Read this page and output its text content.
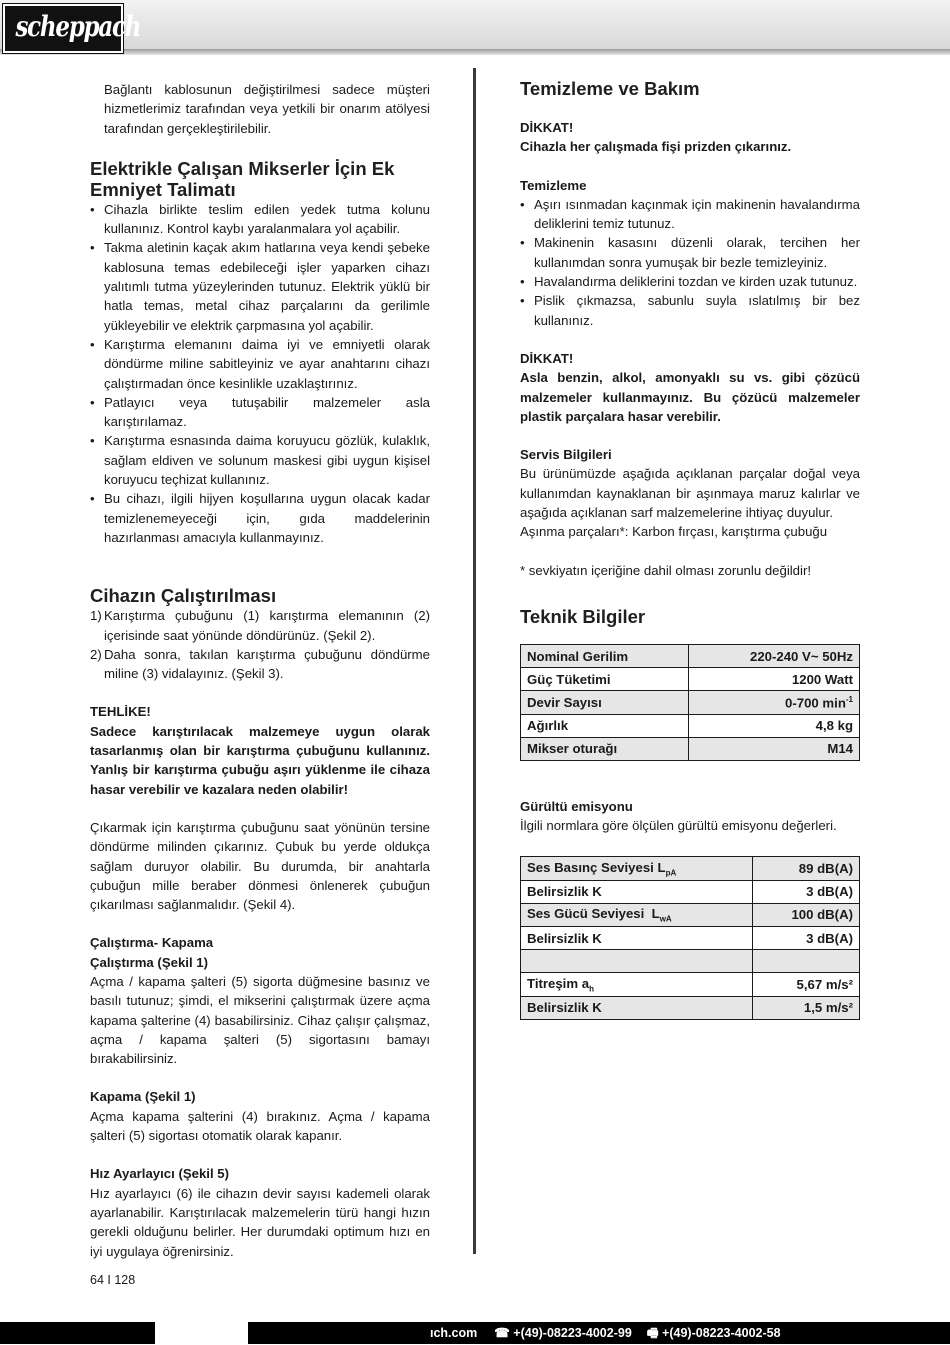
scheppach

Bağlantı kablosunun değiştirilmesi sadece müşteri hizmetlerimiz tarafından veya yetkili bir onarım atölyesi tarafından gerçekleştirilebilir.

Elektrikle Çalışan Mikserler İçin Ek Emniyet Talimatı
• Cihazla birlikte teslim edilen yedek tutma kolunu kullanınız. Kontrol kaybı yaralanmalara yol açabilir.
• Takma aletinin kaçak akım hatlarına veya kendi şebeke kablosuna temas edebileceği işler yaparken cihazı yalıtımlı tutma yüzeylerinden tutunuz. Elektrik yüklü bir hatla temas, metal cihaz parçalarını da gerilimle yükleyebilir ve elektrik çarpmasına yol açabilir.
• Karıştırma elemanını daima iyi ve emniyetli olarak döndürme miline sabitleyiniz ve ayar anahtarını cihazı çalıştırmadan önce kesinlikle uzaklaştırınız.
• Patlayıcı veya tutuşabilir malzemeler asla karıştırılamaz.
• Karıştırma esnasında daima koruyucu gözlük, kulaklık, sağlam eldiven ve solunum maskesi gibi uygun kişisel koruyucu teçhizat kullanınız.
• Bu cihazı, ilgili hijyen koşullarına uygun olacak kadar temizlenemeyeceği için, gıda maddelerinin hazırlanması amacıyla kullanmayınız.
Cihazın Çalıştırılması
1) Karıştırma çubuğunu (1) karıştırma elemanının (2) içerisinde saat yönünde döndürünüz. (Şekil 2).
2) Daha sonra, takılan karıştırma çubuğunu döndürme miline (3) vidalayınız. (Şekil 3).
TEHLİKE!

Sadece karıştırılacak malzemeye uygun olarak tasarlanmış olan bir karıştırma çubuğunu kullanınız. Yanlış bir karıştırma çubuğu aşırı yüklenme ile cihaza hasar verebilir ve kazalara neden olabilir!

Çıkarmak için karıştırma çubuğunu saat yönünün tersine döndürme milinden çıkarınız. Çubuk bu yerde oldukça sağlam duruyor olabilir. Bu durumda, bir anahtarla çubuğun mille beraber dönmesi önlenerek çubuğun çıkarılması sağlanmalıdır. (Şekil 4).

Çalıştırma- Kapama
Çalıştırma (Şekil 1)

Açma / kapama şalteri (5) sigorta düğmesine basınız ve basılı tutunuz; şimdi, el mikserini çalıştırmak üzere açma kapama şalterine (4) basabilirsiniz. Cihaz çalışır çalışmaz, açma / kapama şalteri (5) sigortasını bamayı bırakabilirsiniz.

Kapama (Şekil 1)

Açma kapama şalterini (4) bırakınız. Açma / kapama şalteri (5) sigortası otomatik olarak kapanır.

Hız Ayarlayıcı (Şekil 5)

Hız ayarlayıcı (6) ile cihazın devir sayısı kademeli olarak ayarlanabilir. Karıştırılacak malzemelerin türü hangi hızın gerekli olduğunu belirler. Her durumdaki optimum hızı en iyi uygulaya öğrenirsiniz.

Temizleme ve Bakım
DİKKAT!

Cihazla her çalışmada fişi prizden çıkarınız.

Temizleme
• Aşırı ısınmadan kaçınmak için makinenin havalandırma deliklerini temiz tutunuz.
• Makinenin kasasını düzenli olarak, tercihen her kullanımdan sonra yumuşak bir bezle temizleyiniz.
• Havalandırma deliklerini tozdan ve kirden uzak tutunuz.
• Pislik çıkmazsa, sabunlu suyla ıslatılmış bir bez kullanınız.
DİKKAT!

Asla benzin, alkol, amonyaklı su vs. gibi çözücü malzemeler kullanmayınız. Bu çözücü malzemeler plastik parçalara hasar verebilir.

Servis Bilgileri

Bu ürünümüzde aşağıda açıklanan parçalar doğal veya kullanımdan kaynaklanan bir aşınmaya maruz kalırlar ve aşağıda açıklanan sarf malzemelerine ihtiyaç duyulur.

Aşınma parçaları*: Karbon fırçası, karıştırma çubuğu

* sevkiyatın içeriğine dahil olması zorunlu değildir!

Teknik Bilgiler
Nominal Gerilim	220-240 V~ 50Hz
Güç Tüketimi	1200 Watt
Devir Sayısı	0-700 $\min^{-1}$
Ağırlık	4,8 kg
Mikser oturağı	M14
Gürültü emisyonu

İlgili normlara göre ölçülen gürültü emisyonu değerleri.

Ses Basınç Seviyesi $L_{pA}$	89 dB(A)
Belirsizlik K	3 dB(A)
Ses Gücü Seviyesi  $L_{wA}$	100 dB(A)
Belirsizlik K	3 dB(A)

Titreşim $a_h$	5,67 m/s²
Belirsizlik K	1,5 m/s²
64 I 128
ıch.com ☎ +(49)-08223-4002-99 🖷 +(49)-08223-4002-58
